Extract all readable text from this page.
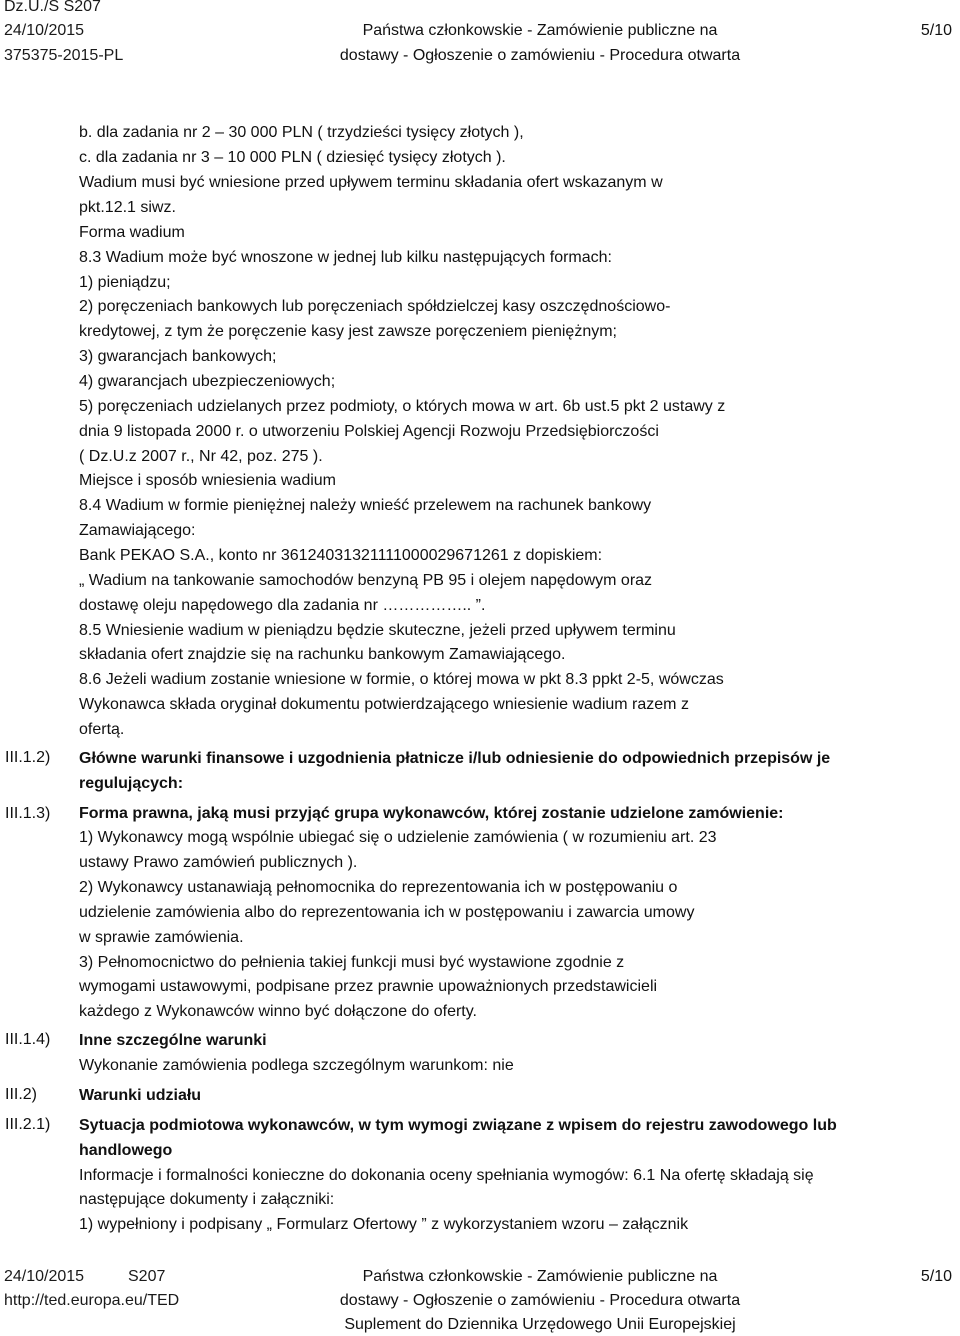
Dz.U./S S207
24/10/2015
375375-2015-PL
Państwa członkowskie - Zamówienie publiczne na
dostawy - Ogłoszenie o zamówieniu - Procedura otwarta
5/10
III.1.2)
III.1.3)
III.1.4)
III.2)
III.2.1)
b. dla zadania nr 2 – 30 000 PLN ( trzydzieści tysięcy złotych ),
c. dla zadania nr 3 – 10 000 PLN ( dziesięć tysięcy złotych ).
Wadium musi być wniesione przed upływem terminu składania ofert wskazanym w
pkt.12.1 siwz.
Forma wadium
8.3 Wadium może być wnoszone w jednej lub kilku następujących formach:
1) pieniądzu;
2) poręczeniach bankowych lub poręczeniach spółdzielczej kasy oszczędnościowo-
kredytowej, z tym że poręczenie kasy jest zawsze poręczeniem pieniężnym;
3) gwarancjach bankowych;
4) gwarancjach ubezpieczeniowych;
5) poręczeniach udzielanych przez podmioty, o których mowa w art. 6b ust.5 pkt 2 ustawy z
dnia 9 listopada 2000 r. o utworzeniu Polskiej Agencji Rozwoju Przedsiębiorczości
( Dz.U.z 2007 r., Nr 42, poz. 275 ).
Miejsce i sposób wniesienia wadium
8.4 Wadium w formie pieniężnej należy wnieść przelewem na rachunek bankowy
Zamawiającego:
Bank PEKAO S.A., konto nr 36124031321111000029671261 z dopiskiem:
„ Wadium na tankowanie samochodów benzyną PB 95 i olejem napędowym oraz
dostawę oleju napędowego dla zadania nr …………….. ”.
8.5 Wniesienie wadium w pieniądzu będzie skuteczne, jeżeli przed upływem terminu
składania ofert znajdzie się na rachunku bankowym Zamawiającego.
8.6 Jeżeli wadium zostanie wniesione w formie, o której mowa w pkt 8.3 ppkt 2-5, wówczas
Wykonawca składa oryginał dokumentu potwierdzającego wniesienie wadium razem z
ofertą.
Główne warunki finansowe i uzgodnienia płatnicze i/lub odniesienie do odpowiednich przepisów je
regulujących:
Forma prawna, jaką musi przyjąć grupa wykonawców, której zostanie udzielone zamówienie:
1) Wykonawcy mogą wspólnie ubiegać się o udzielenie zamówienia ( w rozumieniu art. 23
ustawy Prawo zamówień publicznych ).
2) Wykonawcy ustanawiają pełnomocnika do reprezentowania ich w postępowaniu o
udzielenie zamówienia albo do reprezentowania ich w postępowaniu i zawarcia umowy
w sprawie zamówienia.
3) Pełnomocnictwo do pełnienia takiej funkcji musi być wystawione zgodnie z
wymogami ustawowymi, podpisane przez prawnie upoważnionych przedstawicieli
każdego z Wykonawców winno być dołączone do oferty.
Inne szczególne warunki
Wykonanie zamówienia podlega szczególnym warunkom: nie
Warunki udziału
Sytuacja podmiotowa wykonawców, w tym wymogi związane z wpisem do rejestru zawodowego lub
handlowego
Informacje i formalności konieczne do dokonania oceny spełniania wymogów: 6.1 Na ofertę składają się
następujące dokumenty i załączniki:
1) wypełniony i podpisany „ Formularz Ofertowy ” z wykorzystaniem wzoru – załącznik
24/10/2015	S207
http://ted.europa.eu/TED
Państwa członkowskie - Zamówienie publiczne na
dostawy - Ogłoszenie o zamówieniu - Procedura otwarta
Suplement do Dziennika Urzędowego Unii Europejskiej
5/10
